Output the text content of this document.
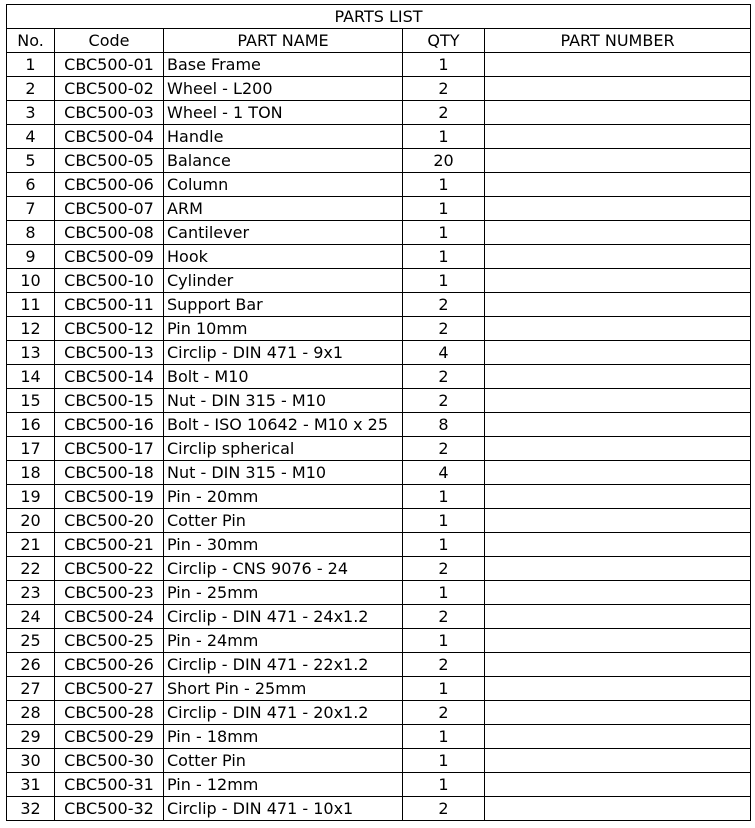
PARTS LIST				
No.	Code	PART NAME	QTY	PART NUMBER
1	CBC500-01	Base Frame	1	
2	CBC500-02	Wheel - L200	2	
3	CBC500-03	Wheel - 1 TON	2	
4	CBC500-04	Handle	1	
5	CBC500-05	Balance	20	
6	CBC500-06	Column	1	
7	CBC500-07	ARM	1	
8	CBC500-08	Cantilever	1	
9	CBC500-09	Hook	1	
10	CBC500-10	Cylinder	1	
11	CBC500-11	Support Bar	2	
12	CBC500-12	Pin 10mm	2	
13	CBC500-13	Circlip - DIN 471 - 9x1	4	
14	CBC500-14	Bolt - M10	2	
15	CBC500-15	Nut - DIN 315 - M10	2	
16	CBC500-16	Bolt - ISO 10642 - M10 x 25	8	
17	CBC500-17	Circlip spherical	2	
18	CBC500-18	Nut - DIN 315 - M10	4	
19	CBC500-19	Pin - 20mm	1	
20	CBC500-20	Cotter Pin	1	
21	CBC500-21	Pin - 30mm	1	
22	CBC500-22	Circlip - CNS 9076 - 24	2	
23	CBC500-23	Pin - 25mm	1	
24	CBC500-24	Circlip - DIN 471 - 24x1.2	2	
25	CBC500-25	Pin - 24mm	1	
26	CBC500-26	Circlip - DIN 471 - 22x1.2	2	
27	CBC500-27	Short Pin - 25mm	1	
28	CBC500-28	Circlip - DIN 471 - 20x1.2	2	
29	CBC500-29	Pin - 18mm	1	
30	CBC500-30	Cotter Pin	1	
31	CBC500-31	Pin - 12mm	1	
32	CBC500-32	Circlip - DIN 471 - 10x1	2	
